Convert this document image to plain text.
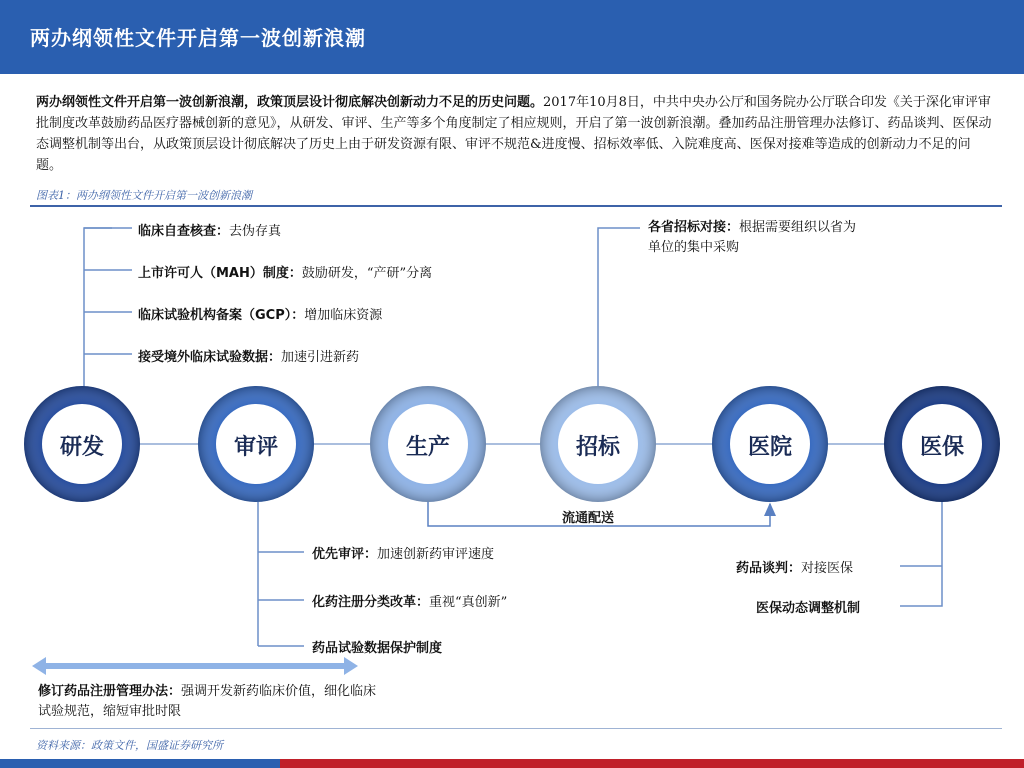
两办纲领性文件开启第一波创新浪潮
两办纲领性文件开启第一波创新浪潮，政策顶层设计彻底解决创新动力不足的历史问题。2017年10月8日，中共中央办公厅和国务院办公厅联合印发《关于深化审评审批制度改革鼓励药品医疗器械创新的意见》，从研发、审评、生产等多个角度制定了相应规则，开启了第一波创新浪潮。叠加药品注册管理办法修订、药品谈判、医保动态调整机制等出台，从政策顶层设计彻底解决了历史上由于研发资源有限、审评不规范&进度慢、招标效率低、入院难度高、医保对接难等造成的创新动力不足的问题。
图表1：两办纲领性文件开启第一波创新浪潮
研发	审评	生产	招标	医院	医保
临床自查核查：去伪存真
上市许可人（MAH）制度：鼓励研发，“产研”分离
临床试验机构备案（GCP）：增加临床资源
接受境外临床试验数据：加速引进新药
各省招标对接：根据需要组织以省为单位的集中采购
流通配送
优先审评：加速创新药审评速度
化药注册分类改革：重视“真创新”
药品试验数据保护制度
药品谈判：对接医保
医保动态调整机制
修订药品注册管理办法：强调开发新药临床价值，细化临床试验规范，缩短审批时限
资料来源：政策文件，国盛证券研究所
